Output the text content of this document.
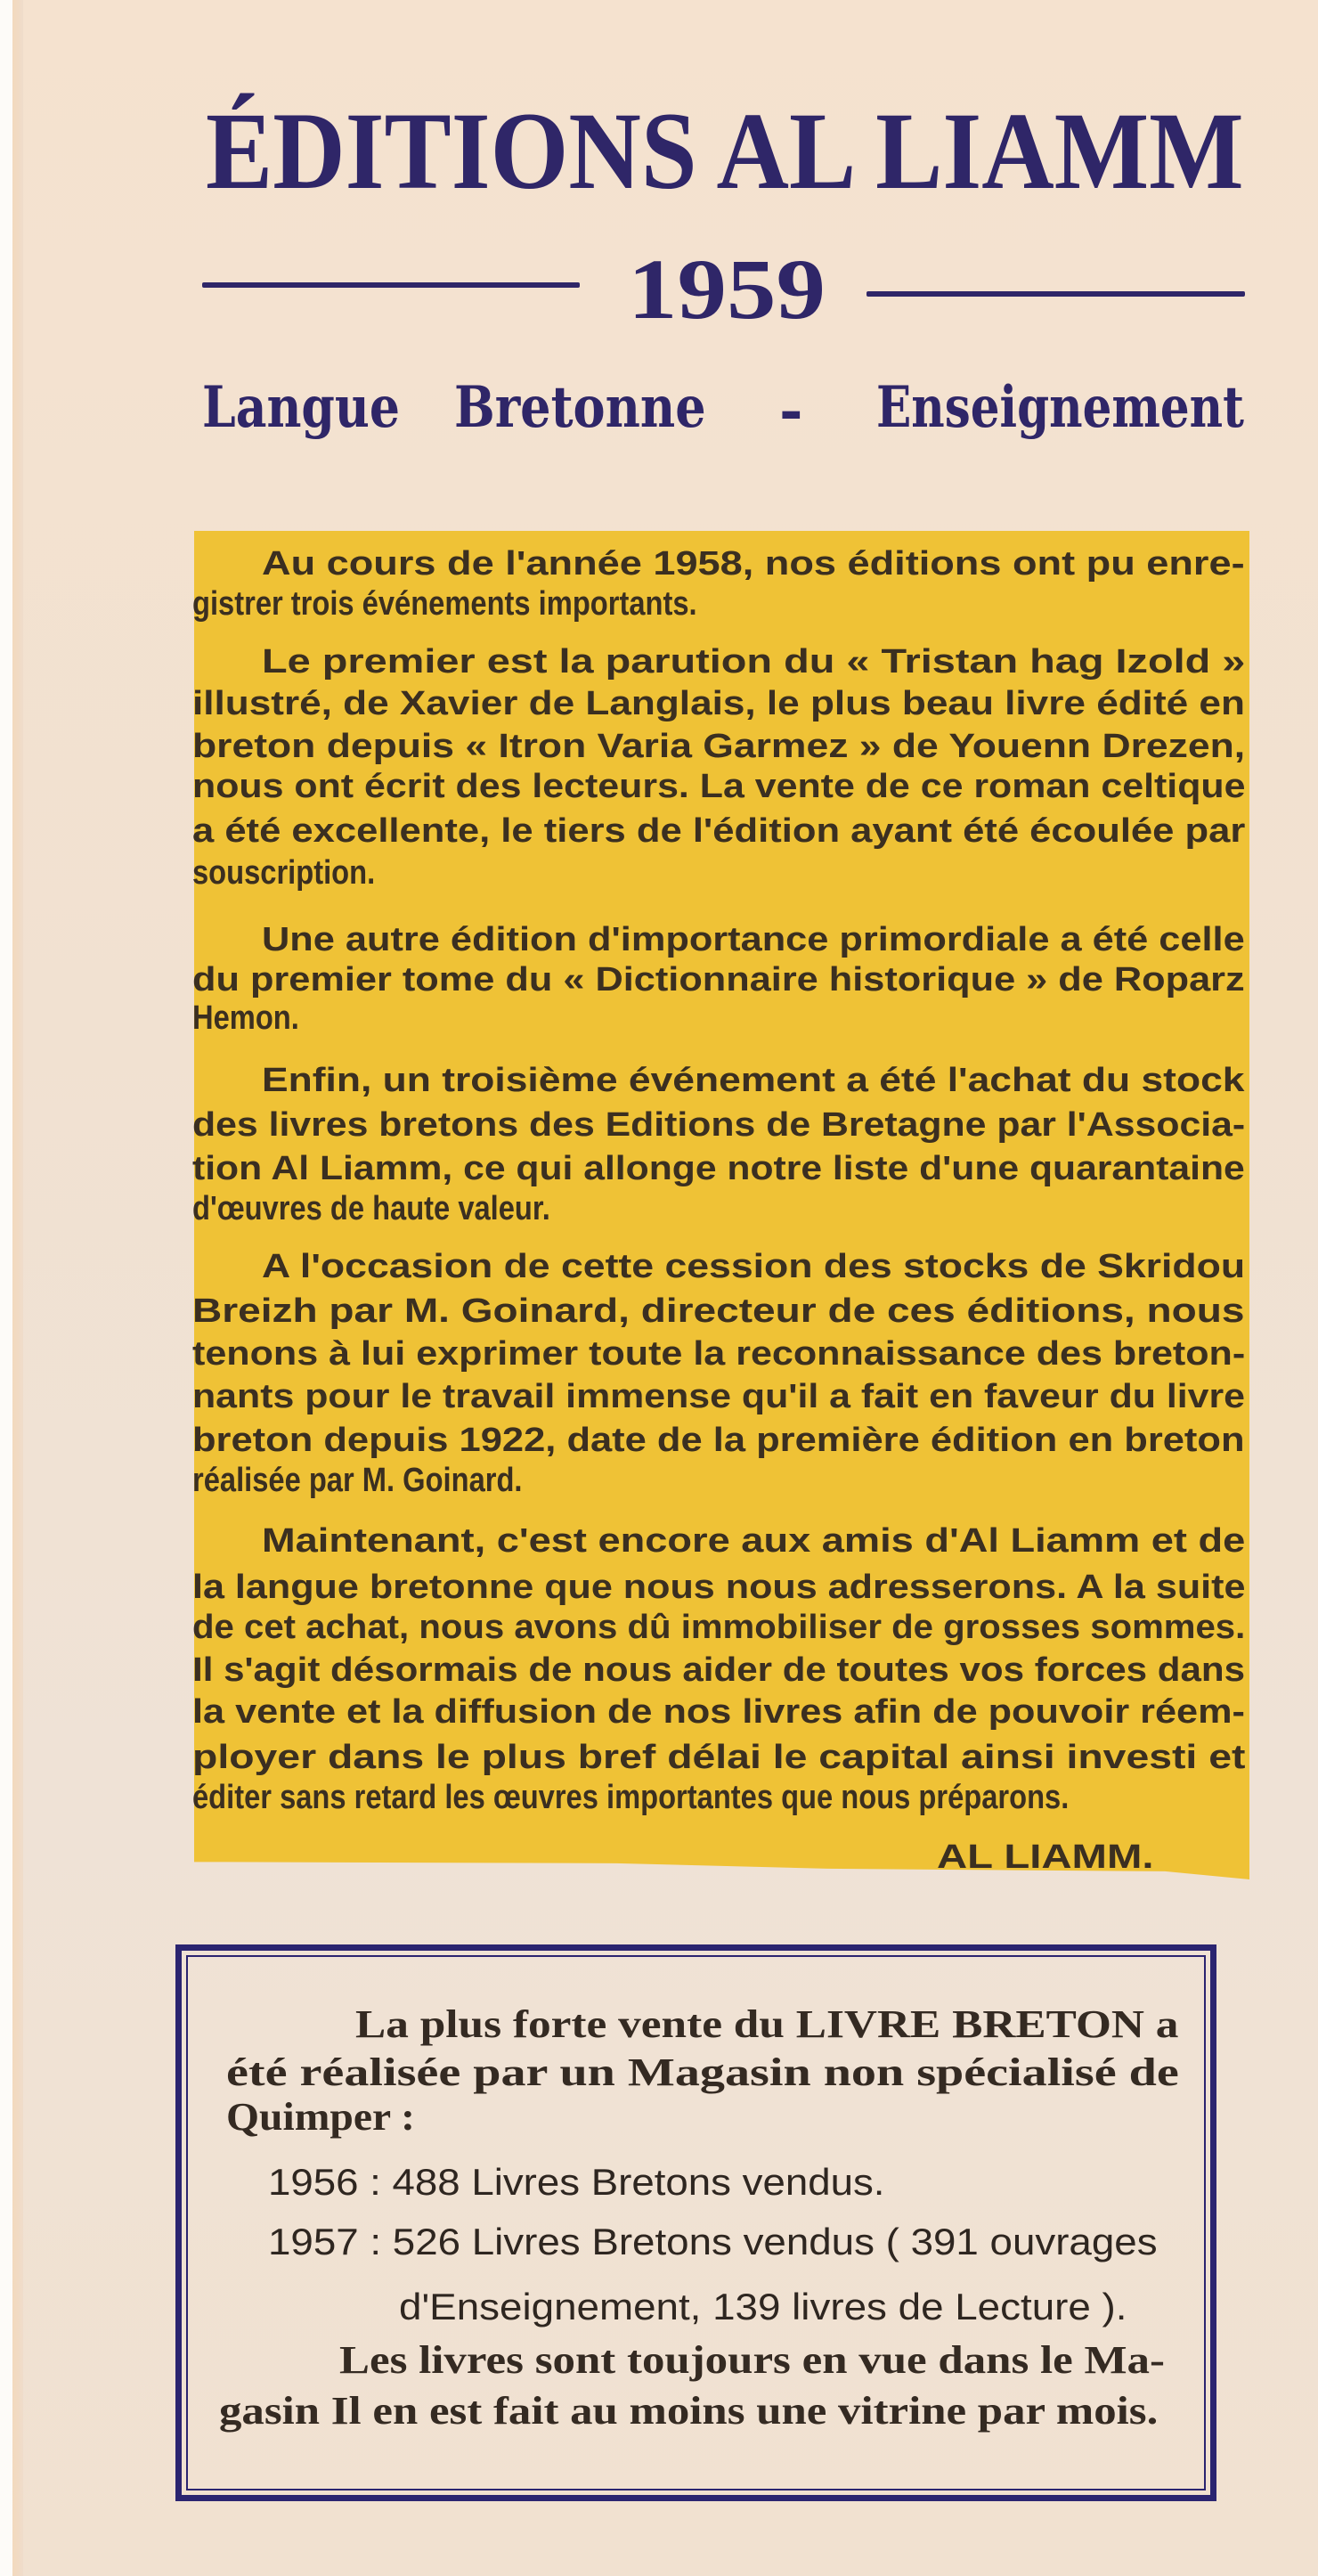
ÉDITIONS AL LIAMM
1959
Langue Bretonne - Enseignement
Au cours de l'année 1958, nos éditions ont pu enre-
gistrer trois événements importants.
Le premier est la parution du « Tristan hag Izold »
illustré, de Xavier de Langlais, le plus beau livre édité en
breton depuis « Itron Varia Garmez » de Youenn Drezen,
nous ont écrit des lecteurs. La vente de ce roman celtique
a été excellente, le tiers de l'édition ayant été écoulée par
souscription.
Une autre édition d'importance primordiale a été celle
du premier tome du « Dictionnaire historique » de Roparz
Hemon.
Enfin, un troisième événement a été l'achat du stock
des livres bretons des Editions de Bretagne par l'Associa-
tion Al Liamm, ce qui allonge notre liste d'une quarantaine
d'œuvres de haute valeur.
A l'occasion de cette cession des stocks de Skridou
Breizh par M. Goinard, directeur de ces éditions, nous
tenons à lui exprimer toute la reconnaissance des breton-
nants pour le travail immense qu'il a fait en faveur du livre
breton depuis 1922, date de la première édition en breton
réalisée par M. Goinard.
Maintenant, c'est encore aux amis d'Al Liamm et de
la langue bretonne que nous nous adresserons. A la suite
de cet achat, nous avons dû immobiliser de grosses sommes.
Il s'agit désormais de nous aider de toutes vos forces dans
la vente et la diffusion de nos livres afin de pouvoir réem-
ployer dans le plus bref délai le capital ainsi investi et
éditer sans retard les œuvres importantes que nous préparons.
AL LIAMM.
La plus forte vente du LIVRE BRETON a
été réalisée par un Magasin non spécialisé de
Quimper :
1956 : 488 Livres Bretons vendus.
1957 : 526 Livres Bretons vendus ( 391 ouvrages
d'Enseignement, 139 livres de Lecture ).
Les livres sont toujours en vue dans le Ma-
gasin Il en est fait au moins une vitrine par mois.
